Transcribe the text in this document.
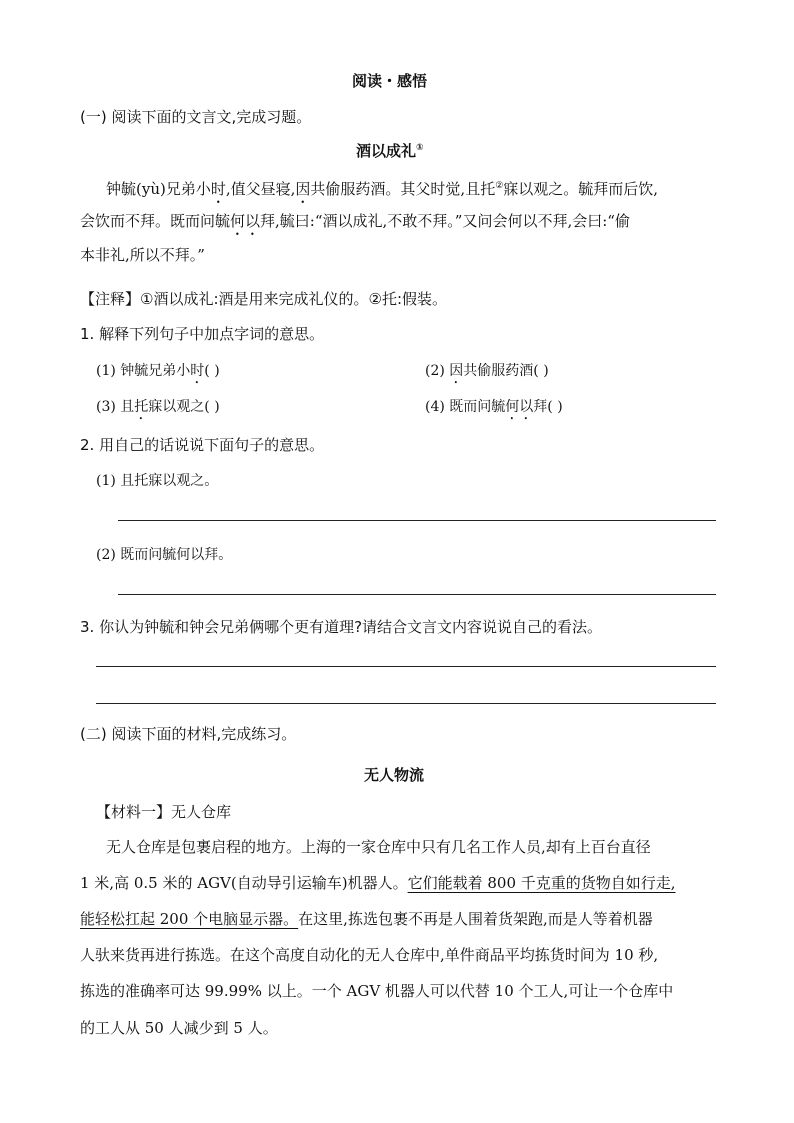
阅读・感悟
(一) 阅读下面的文言文,完成习题。
酒以成礼①
钟毓(yù)兄弟小时,值父昼寝,因共偷服药酒。其父时觉,且托②寐以观之。毓拜而后饮,
会饮而不拜。既而问毓何以拜,毓曰:“酒以成礼,不敢不拜。”又问会何以不拜,会曰:“偷
本非礼,所以不拜。”
【注释】①酒以成礼:酒是用来完成礼仪的。②托:假装。
1. 解释下列句子中加点字词的意思。
(1) 钟毓兄弟小时( )	(2) 因共偷服药酒( )
(3) 且托寐以观之( )	(4) 既而问毓何以拜( )
2. 用自己的话说说下面句子的意思。
(1) 且托寐以观之。
(2) 既而问毓何以拜。
3. 你认为钟毓和钟会兄弟俩哪个更有道理?请结合文言文内容说说自己的看法。
(二) 阅读下面的材料,完成练习。
无人物流
【材料一】无人仓库
无人仓库是包裹启程的地方。上海的一家仓库中只有几名工作人员,却有上百台直径
1 米,高 0.5 米的 AGV(自动导引运输车)机器人。它们能载着 800 千克重的货物自如行走,
能轻松扛起 200 个电脑显示器。在这里,拣选包裹不再是人围着货架跑,而是人等着机器
人驮来货再进行拣选。在这个高度自动化的无人仓库中,单件商品平均拣货时间为 10 秒,
拣选的准确率可达 99.99% 以上。一个 AGV 机器人可以代替 10 个工人,可让一个仓库中
的工人从 50 人减少到 5 人。
